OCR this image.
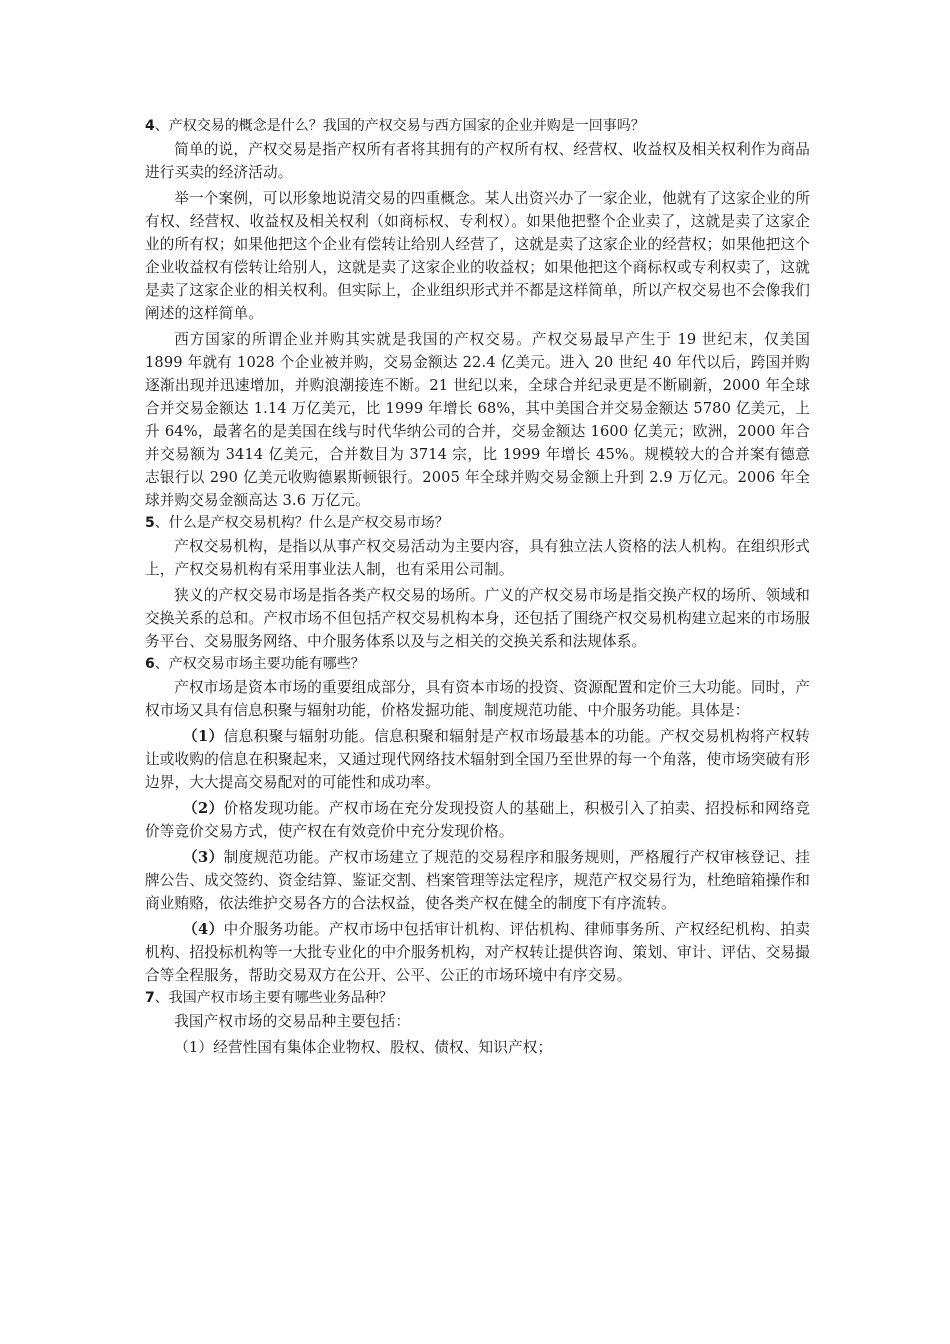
4、产权交易的概念是什么？我国的产权交易与西方国家的企业并购是一回事吗？

简单的说，产权交易是指产权所有者将其拥有的产权所有权、经营权、收益权及相关权利作为商品进行买卖的经济活动。

举一个案例，可以形象地说清交易的四重概念。某人出资兴办了一家企业，他就有了这家企业的所有权、经营权、收益权及相关权利（如商标权、专利权）。如果他把整个企业卖了，这就是卖了这家企业的所有权；如果他把这个企业有偿转让给别人经营了，这就是卖了这家企业的经营权；如果他把这个企业收益权有偿转让给别人，这就是卖了这家企业的收益权；如果他把这个商标权或专利权卖了，这就是卖了这家企业的相关权利。但实际上，企业组织形式并不都是这样简单，所以产权交易也不会像我们阐述的这样简单。

西方国家的所谓企业并购其实就是我国的产权交易。产权交易最早产生于 19 世纪末，仅美国 1899 年就有 1028 个企业被并购，交易金额达 22.4 亿美元。进入 20 世纪 40 年代以后，跨国并购逐渐出现并迅速增加，并购浪潮接连不断。21 世纪以来，全球合并纪录更是不断刷新，2000 年全球合并交易金额达 1.14 万亿美元，比 1999 年增长 68%，其中美国合并交易金额达 5780 亿美元，上升 64%，最著名的是美国在线与时代华纳公司的合并，交易金额达 1600 亿美元；欧洲，2000 年合并交易额为 3414 亿美元，合并数目为 3714 宗，比 1999 年增长 45%。规模较大的合并案有德意志银行以 290 亿美元收购德累斯顿银行。2005 年全球并购交易金额上升到 2.9 万亿元。2006 年全球并购交易金额高达 3.6 万亿元。

5、什么是产权交易机构？什么是产权交易市场？

产权交易机构，是指以从事产权交易活动为主要内容，具有独立法人资格的法人机构。在组织形式上，产权交易机构有采用事业法人制，也有采用公司制。

狭义的产权交易市场是指各类产权交易的场所。广义的产权交易市场是指交换产权的场所、领域和交换关系的总和。产权市场不但包括产权交易机构本身，还包括了围绕产权交易机构建立起来的市场服务平台、交易服务网络、中介服务体系以及与之相关的交换关系和法规体系。

6、产权交易市场主要功能有哪些？

产权市场是资本市场的重要组成部分，具有资本市场的投资、资源配置和定价三大功能。同时，产权市场又具有信息积聚与辐射功能，价格发掘功能、制度规范功能、中介服务功能。具体是：

（1）信息积聚与辐射功能。信息积聚和辐射是产权市场最基本的功能。产权交易机构将产权转让或收购的信息在积聚起来，又通过现代网络技术辐射到全国乃至世界的每一个角落，使市场突破有形边界，大大提高交易配对的可能性和成功率。

（2）价格发现功能。产权市场在充分发现投资人的基础上，积极引入了拍卖、招投标和网络竞价等竞价交易方式，使产权在有效竞价中充分发现价格。

（3）制度规范功能。产权市场建立了规范的交易程序和服务规则，严格履行产权审核登记、挂牌公告、成交签约、资金结算、鉴证交割、档案管理等法定程序，规范产权交易行为，杜绝暗箱操作和商业贿赂，依法维护交易各方的合法权益，使各类产权在健全的制度下有序流转。

（4）中介服务功能。产权市场中包括审计机构、评估机构、律师事务所、产权经纪机构、拍卖机构、招投标机构等一大批专业化的中介服务机构，对产权转让提供咨询、策划、审计、评估、交易撮合等全程服务，帮助交易双方在公开、公平、公正的市场环境中有序交易。

7、我国产权市场主要有哪些业务品种？

我国产权市场的交易品种主要包括：

（1）经营性国有集体企业物权、股权、债权、知识产权；
